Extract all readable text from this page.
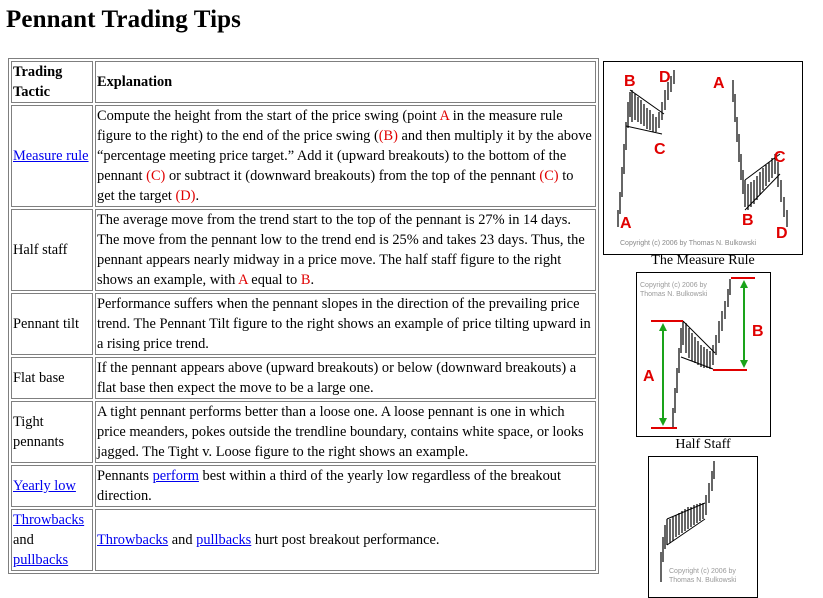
Pennant Trading Tips
Trading Tactic	Explanation
Measure rule	Compute the height from the start of the price swing (point A in the measure rule figure to the right) to the end of the price swing ((B) and then multiply it by the above “percentage meeting price target.” Add it (upward breakouts) to the bottom of the pennant (C) or subtract it (downward breakouts) from the top of the pennant (C) to get the target (D).
Half staff	The average move from the trend start to the top of the pennant is 27% in 14 days. The move from the pennant low to the trend end is 25% and takes 23 days. Thus, the pennant appears nearly midway in a price move. The half staff figure to the right shows an example, with A equal to B.
Pennant tilt	Performance suffers when the pennant slopes in the direction of the prevailing price trend. The Pennant Tilt figure to the right shows an example of price tilting upward in a rising price trend.
Flat base	If the pennant appears above (upward breakouts) or below (downward breakouts) a flat base then expect the move to be a large one.
Tight pennants	A tight pennant performs better than a loose one. A loose pennant is one in which price meanders, pokes outside the trendline boundary, contains white space, or looks jagged. The Tight v. Loose figure to the right shows an example.
Yearly low	Pennants perform best within a third of the yearly low regardless of the breakout direction.
Throwbacks
and
pullbacks	Throwbacks and pullbacks hurt post breakout performance.
B D
C
A
A
C
B
D
Copyright (c) 2006 by Thomas N. Bulkowski
The Measure Rule
Copyright (c) 2006 by
Thomas N. Bulkowski
A
B
Half Staff
Copyright (c) 2006 by
Thomas N. Bulkowski
